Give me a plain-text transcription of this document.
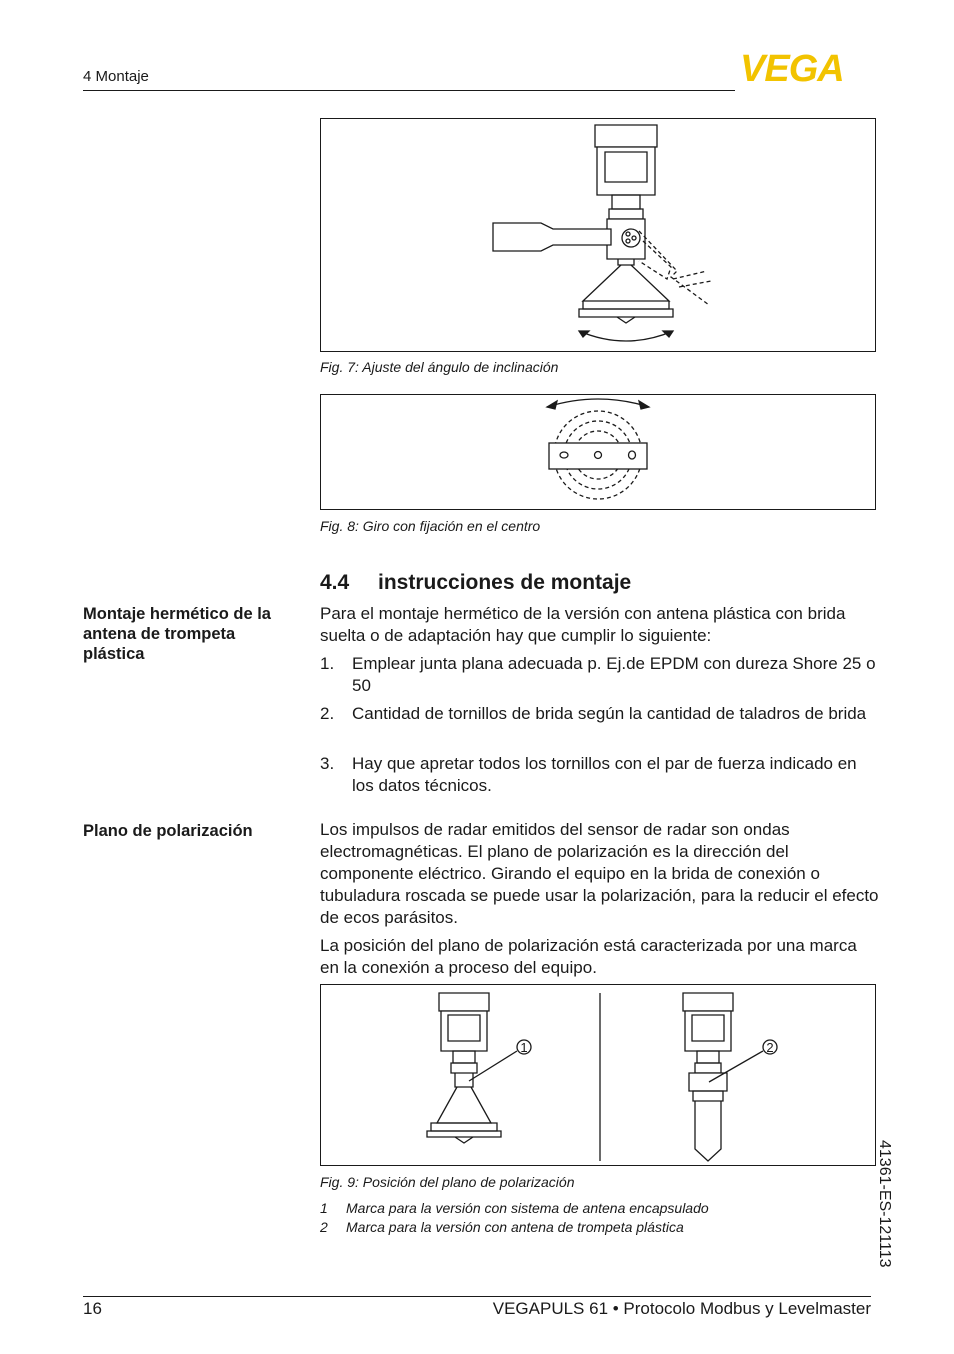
4 Montaje	VEGA
Fig. 7: Ajuste del ángulo de inclinación
Fig. 8: Giro con fijación en el centro
4.4 instrucciones de montaje
Montaje hermético de la antena de trompeta plástica
Plano de polarización
Para el montaje hermético de la versión con antena plástica con brida suelta o de adaptación hay que cumplir lo siguiente:
1. Emplear junta plana adecuada p. Ej.de EPDM con dureza Shore 25 o 50
2. Cantidad de tornillos de brida según la cantidad de taladros de brida
3. Hay que apretar todos los tornillos con el par de fuerza indicado en los datos técnicos.
Los impulsos de radar emitidos del sensor de radar son ondas electromagnéticas. El plano de polarización es la dirección del componente eléctrico. Girando el equipo en la brida de conexión o tubuladura roscada se puede usar la polarización, para la reducir el efecto de ecos parásitos.
La posición del plano de polarización está caracterizada por una marca en la conexión a proceso del equipo.
1	2
Fig. 9: Posición del plano de polarización
1 Marca para la versión con sistema de antena encapsulado
2 Marca para la versión con antena de trompeta plástica	41361-ES-121113
16	VEGAPULS 61 • Protocolo Modbus y Levelmaster
